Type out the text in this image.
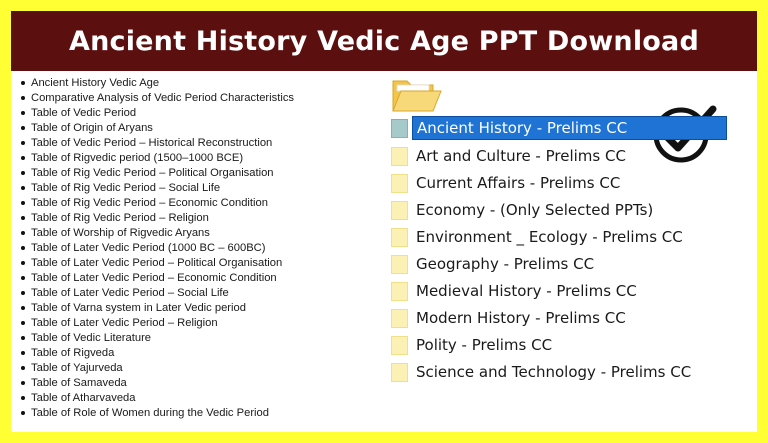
Ancient History Vedic Age PPT Download
Ancient History Vedic Age
Comparative Analysis of Vedic Period Characteristics
Table of Vedic Period
Table of Origin of Aryans
Table of Vedic Period – Historical Reconstruction
Table of Rigvedic period (1500–1000 BCE)
Table of Rig Vedic Period – Political Organisation
Table of Rig Vedic Period – Social Life
Table of Rig Vedic Period – Economic Condition
Table of Rig Vedic Period – Religion
Table of Worship of Rigvedic Aryans
Table of Later Vedic Period (1000 BC – 600BC)
Table of Later Vedic Period – Political Organisation
Table of Later Vedic Period – Economic Condition
Table of Later Vedic Period – Social Life
Table of Varna system in Later Vedic period
Table of Later Vedic Period – Religion
Table of Vedic Literature
Table of Rigveda
Table of Yajurveda
Table of Samaveda
Table of Atharvaveda
Table of Role of Women during the Vedic Period
Ancient History - Prelims CC
Art and Culture - Prelims CC
Current Affairs - Prelims CC
Economy - (Only Selected PPTs)
Environment _ Ecology - Prelims CC
Geography - Prelims CC
Medieval History - Prelims CC
Modern History - Prelims CC
Polity - Prelims CC
Science and Technology - Prelims CC
